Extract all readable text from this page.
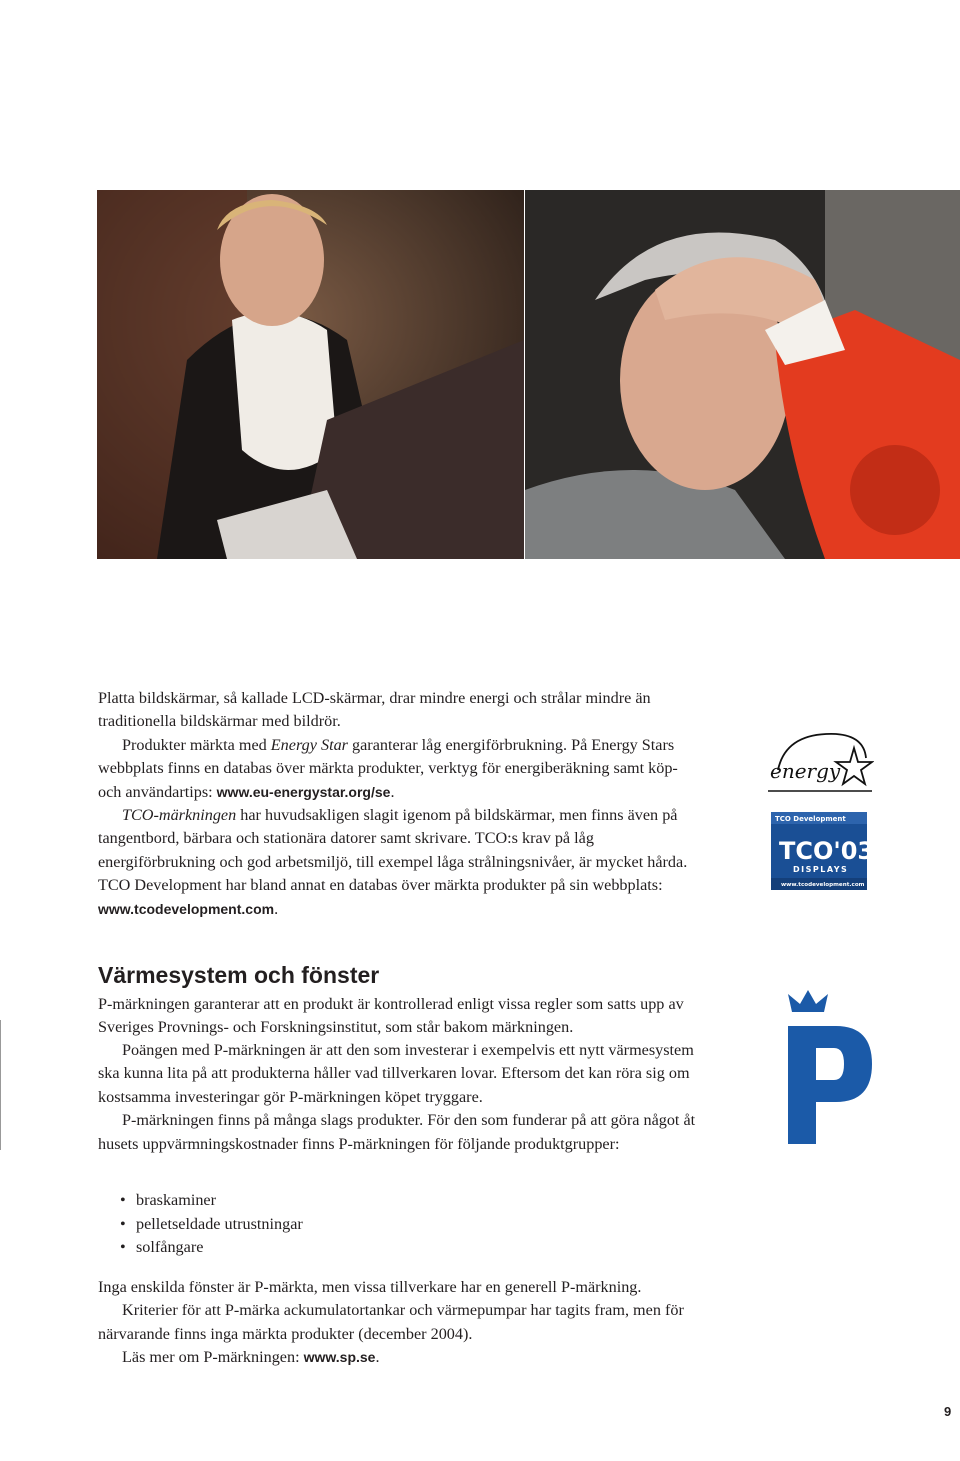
Platta bildskärmar, så kallade LCD-skärmar, drar mindre energi och strålar mindre än traditionella bildskärmar med bildrör.

Produkter märkta med Energy Star garanterar låg energiförbrukning. På Energy Stars webbplats finns en databas över märkta produkter, verktyg för energiberäkning samt köp- och användartips: www.eu-energystar.org/se.

TCO-märkningen har huvudsakligen slagit igenom på bildskärmar, men finns även på tangentbord, bärbara och stationära datorer samt skrivare. TCO:s krav på låg energiförbrukning och god arbetsmiljö, till exempel låga strålningsnivåer, är mycket hårda. TCO Development har bland annat en databas över märkta produkter på sin webbplats: www.tcodevelopment.com.

energy
TCO Development
TCO'03
DISPLAYS
www.tcodevelopment.com
Värmesystem och fönster

P-märkningen garanterar att en produkt är kontrollerad enligt vissa regler som satts upp av Sveriges Provnings- och Forskningsinstitut, som står bakom märkningen.

Poängen med P-märkningen är att den som investerar i exempelvis ett nytt värmesystem ska kunna lita på att produkterna håller vad tillverkaren lovar. Eftersom det kan röra sig om kostsamma investeringar gör P-märkningen köpet tryggare.

P-märkningen finns på många slags produkter. För den som funderar på att göra något åt husets uppvärmningskostnader finns P-märkningen för följande produktgrupper:

• braskaminer
• pelletseldade utrustningar
• solfångare

Inga enskilda fönster är P-märkta, men vissa tillverkare har en generell P-märkning.

Kriterier för att P-märka ackumulatortankar och värmepumpar har tagits fram, men för närvarande finns inga märkta produkter (december 2004).

Läs mer om P-märkningen: www.sp.se.

P
9
